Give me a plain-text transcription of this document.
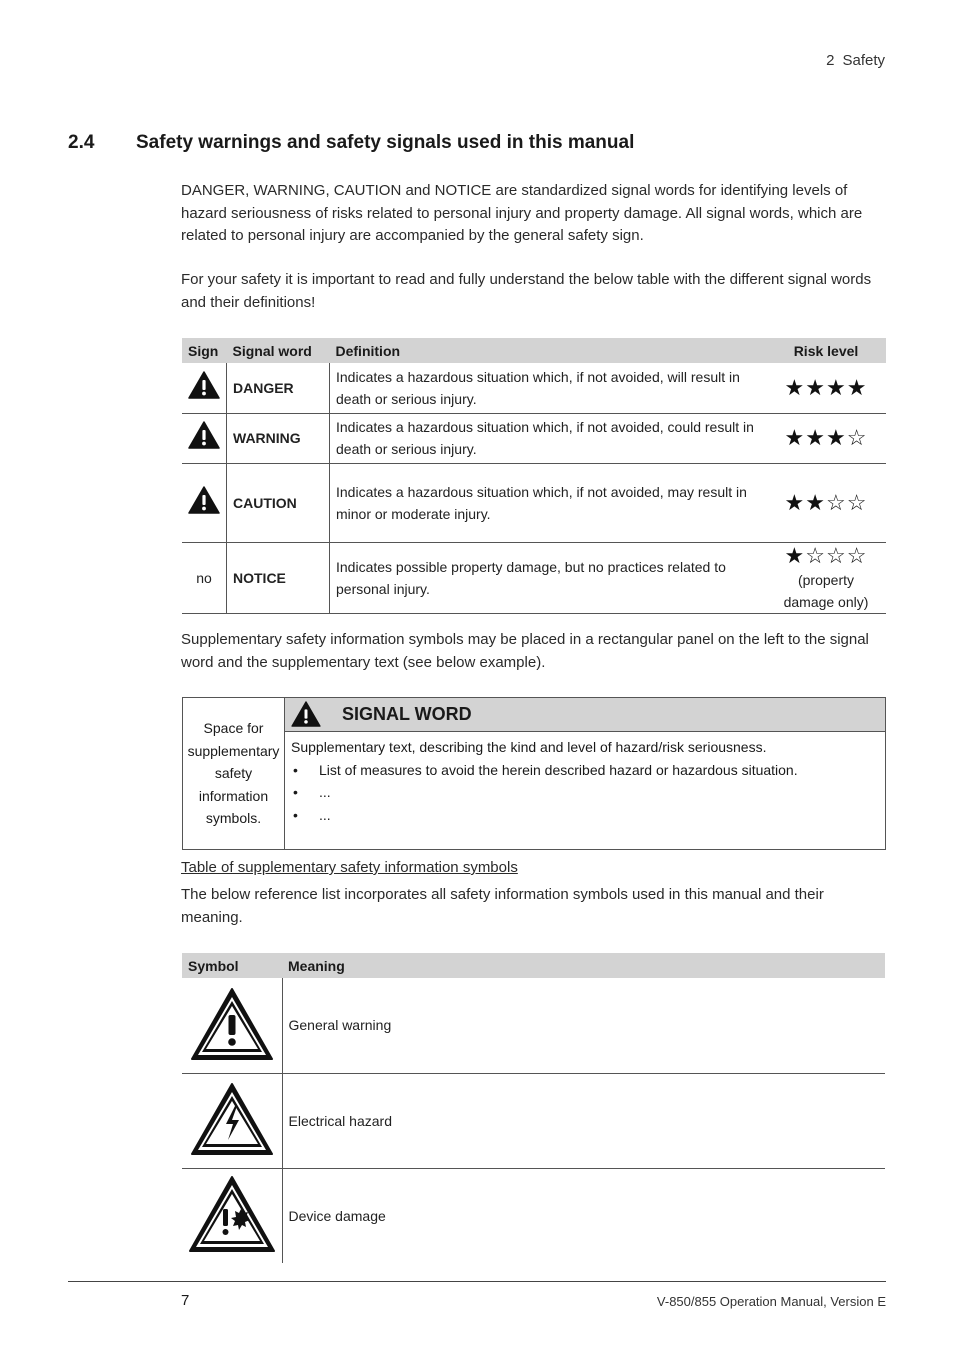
2 Safety
2.4 Safety warnings and safety signals used in this manual
DANGER, WARNING, CAUTION and NOTICE are standardized signal words for identifying levels of hazard seriousness of risks related to personal injury and property damage. All signal words, which are related to personal injury are accompanied by the general safety sign.
For your safety it is important to read and fully understand the below table with the different signal words and their definitions!
Sign	Signal word	Definition	Risk level
	DANGER	Indicates a hazardous situation which, if not avoided, will result in death or serious injury.	★★★★

	WARNING	Indicates a hazardous situation which, if not avoided, could result in death or serious injury.	★★★☆

	CAUTION	Indicates a hazardous situation which, if not avoided, may result in minor or moderate injury.	★★☆☆

no	NOTICE	Indicates possible property damage, but no practices related to personal injury.	★☆☆☆
(property damage only)
Supplementary safety information symbols may be placed in a rectangular panel on the left to the signal word and the supplementary text (see below example).
Space for supplementary safety information symbols.
SIGNAL WORD
Supplementary text, describing the kind and level of hazard/risk seriousness.
• List of measures to avoid the herein described hazard or hazardous situation.
• ...
• ...
Table of supplementary safety information symbols
The below reference list incorporates all safety information symbols used in this manual and their meaning.
Symbol	Meaning
	General warning
	Electrical hazard
	Device damage
7	V-850/855 Operation Manual, Version E
